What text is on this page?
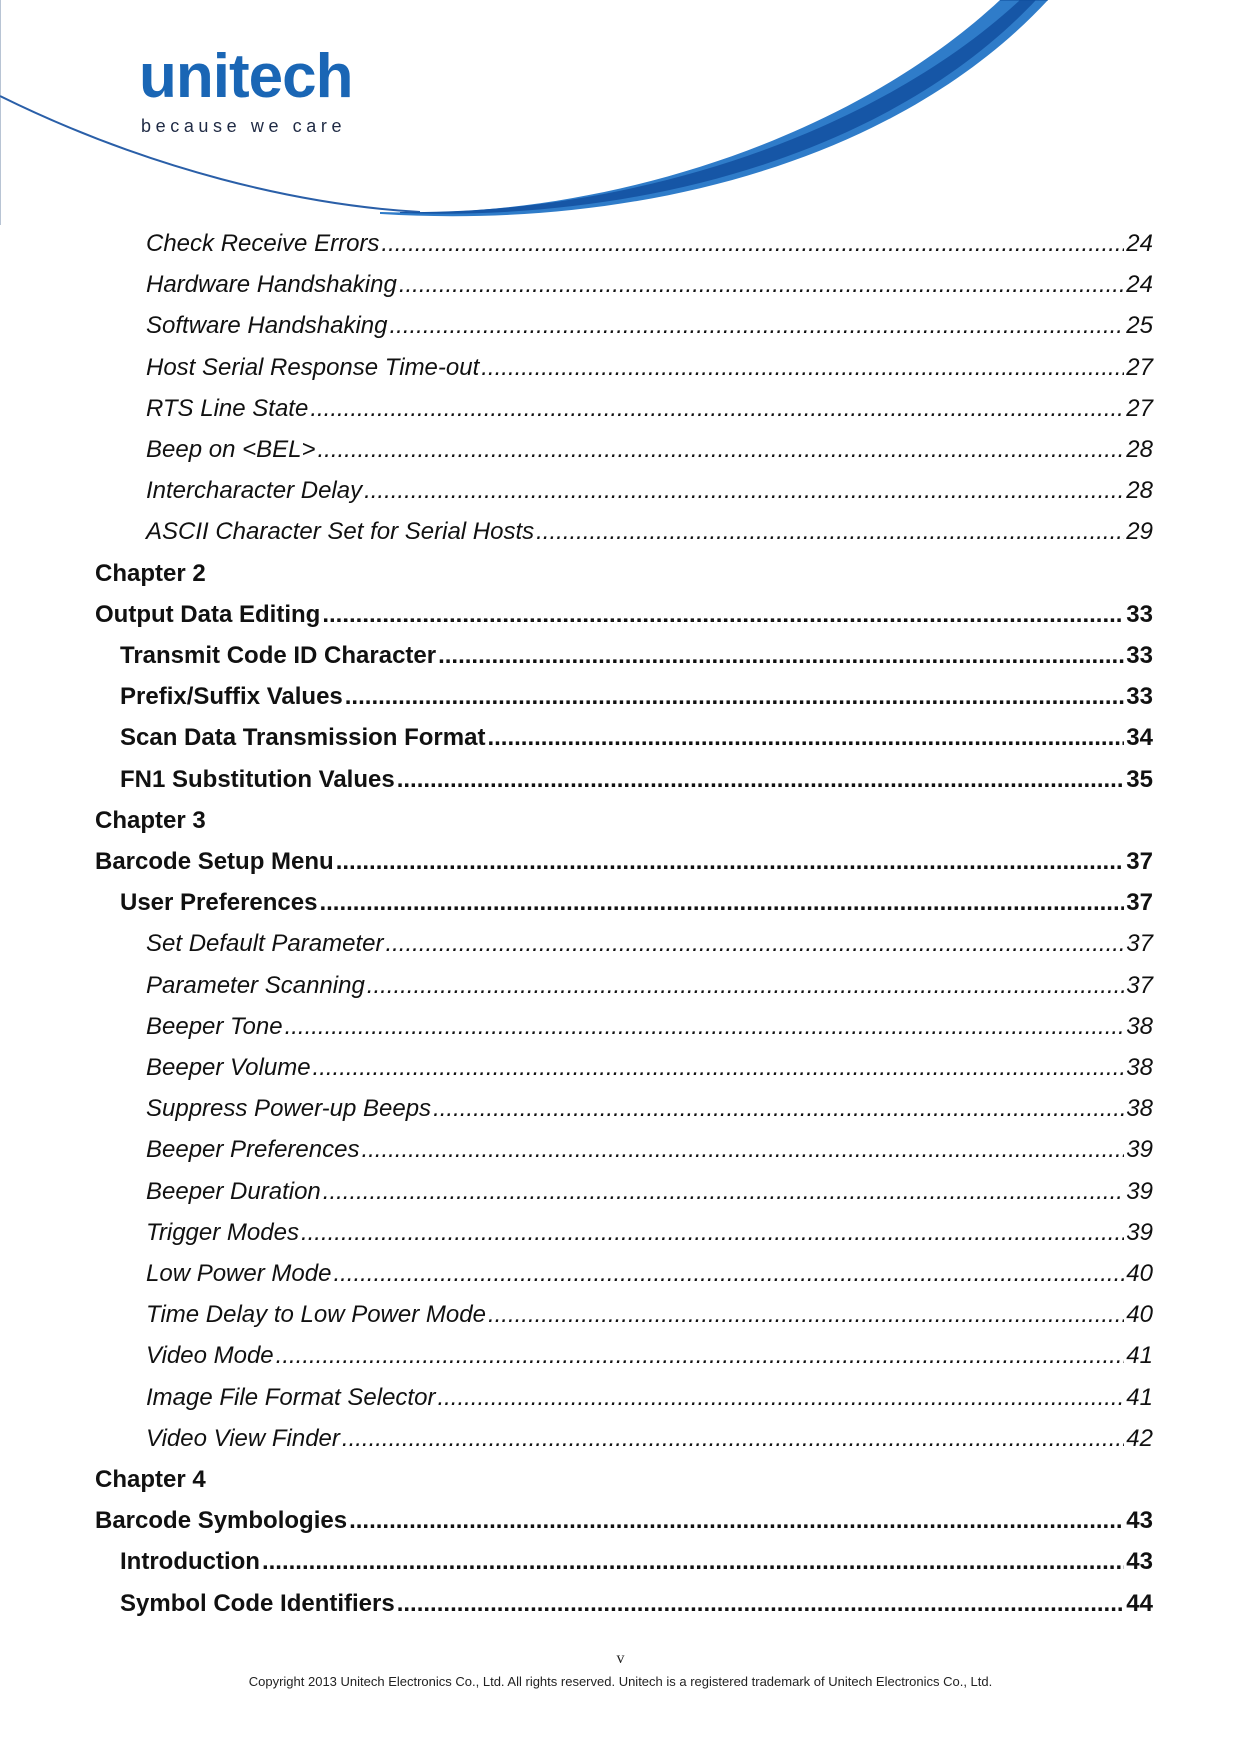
unitech
because we care
Check Receive Errors .....	24
Hardware Handshaking .....	24
Software Handshaking .....	25
Host Serial Response Time-out .....	27
RTS Line State .....	27
Beep on <BEL> .....	28
Intercharacter Delay .....	28
ASCII Character Set for Serial Hosts .....	29
Chapter 2
Output Data Editing .....	33
Transmit Code ID Character .....	33
Prefix/Suffix Values .....	33
Scan Data Transmission Format .....	34
FN1 Substitution Values .....	35
Chapter 3
Barcode Setup Menu .....	37
User Preferences .....	37
Set Default Parameter .....	37
Parameter Scanning .....	37
Beeper Tone .....	38
Beeper Volume .....	38
Suppress Power-up Beeps .....	38
Beeper Preferences .....	39
Beeper Duration .....	39
Trigger Modes .....	39
Low Power Mode .....	40
Time Delay to Low Power Mode .....	40
Video Mode .....	41
Image File Format Selector .....	41
Video View Finder .....	42
Chapter 4
Barcode Symbologies .....	43
Introduction .....	43
Symbol Code Identifiers .....	44
v
Copyright 2013 Unitech Electronics Co., Ltd. All rights reserved. Unitech is a registered trademark of Unitech Electronics Co., Ltd.
